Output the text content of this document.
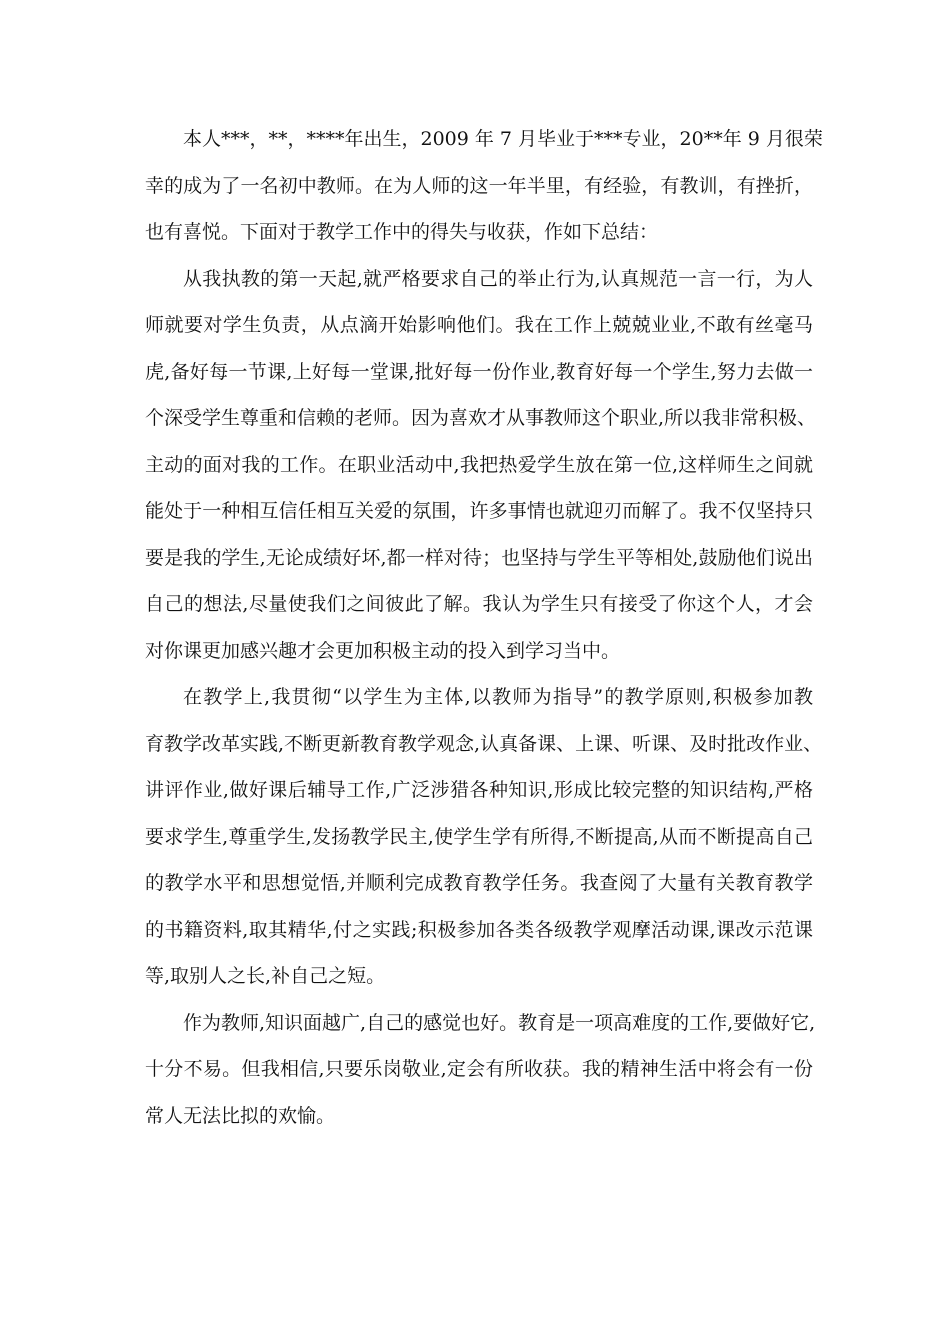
本人***，**，****年出生，2009 年 7 月毕业于***专业，20**年 9 月很荣
幸的成为了一名初中教师。在为人师的这一年半里，有经验，有教训，有挫折，
也有喜悦。下面对于教学工作中的得失与收获，作如下总结：
从我执教的第一天起,就严格要求自己的举止行为,认真规范一言一行，为人
师就要对学生负责，从点滴开始影响他们。我在工作上兢兢业业,不敢有丝毫马
虎,备好每一节课,上好每一堂课,批好每一份作业,教育好每一个学生,努力去做一
个深受学生尊重和信赖的老师。因为喜欢才从事教师这个职业,所以我非常积极、
主动的面对我的工作。在职业活动中,我把热爱学生放在第一位,这样师生之间就
能处于一种相互信任相互关爱的氛围，许多事情也就迎刃而解了。我不仅坚持只
要是我的学生,无论成绩好坏,都一样对待；也坚持与学生平等相处,鼓励他们说出
自己的想法,尽量使我们之间彼此了解。我认为学生只有接受了你这个人，才会
对你课更加感兴趣才会更加积极主动的投入到学习当中。
在教学上,我贯彻“以学生为主体,以教师为指导”的教学原则,积极参加教
育教学改革实践,不断更新教育教学观念,认真备课、上课、听课、及时批改作业、
讲评作业,做好课后辅导工作,广泛涉猎各种知识,形成比较完整的知识结构,严格
要求学生,尊重学生,发扬教学民主,使学生学有所得,不断提高,从而不断提高自己
的教学水平和思想觉悟,并顺利完成教育教学任务。我查阅了大量有关教育教学
的书籍资料,取其精华,付之实践;积极参加各类各级教学观摩活动课,课改示范课
等,取别人之长,补自己之短。
作为教师,知识面越广,自己的感觉也好。教育是一项高难度的工作,要做好它,
十分不易。但我相信,只要乐岗敬业,定会有所收获。我的精神生活中将会有一份
常人无法比拟的欢愉。
